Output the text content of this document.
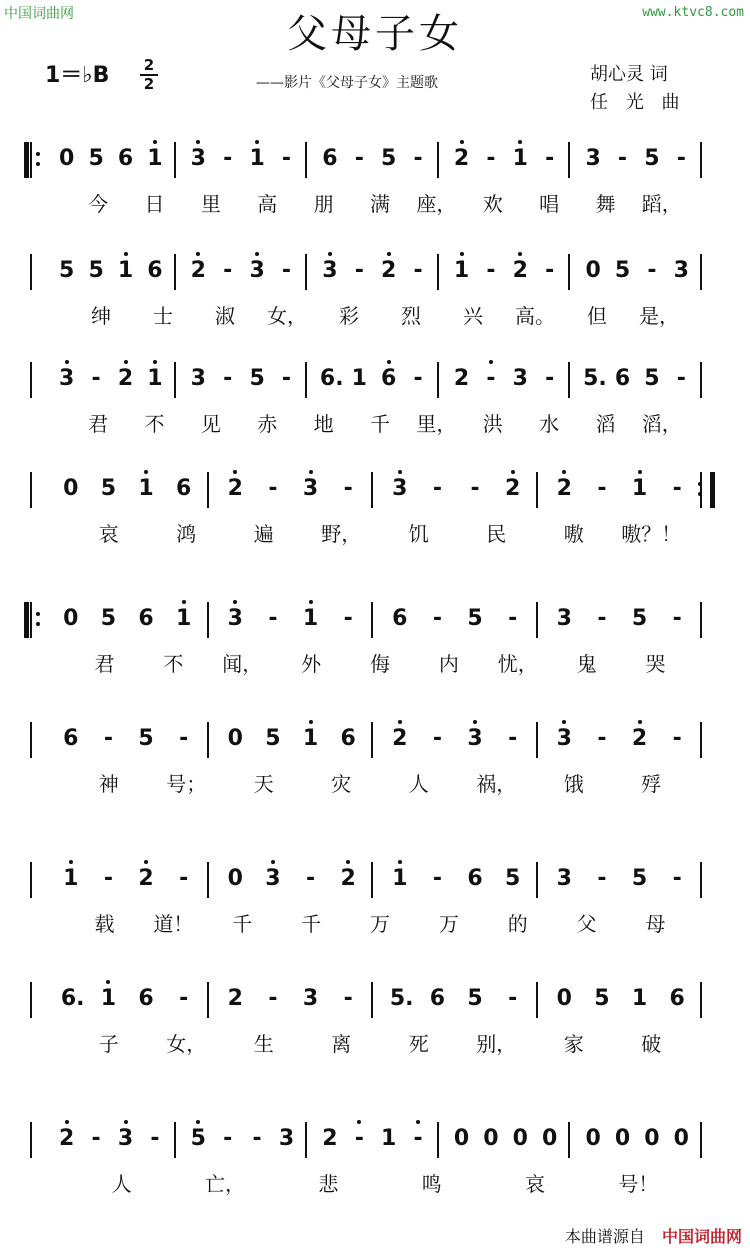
中国词曲网	www.ktvc8.com
父母子女
1＝♭B 2
2	——影片《父母子女》主题歌	胡心灵 词
任 光 曲
0 5 6 1 3 - 1 - 6 - 5 - 2 - 1 - 3 - 5 -
今	日	里	高	朋	满	座，	欢	唱	舞	蹈，
5 5 1 6 2 - 3 - 3 - 2 - 1 - 2 - 0 5 - 3
绅	士	淑	女，	彩	烈	兴	高。	但	是，
3 - 2 1 3 - 5 - 6. 1 6 - 2 - 3 - 5. 6 5 -
君	不	见	赤	地	千	里，	洪	水	滔	滔，
0 5 1 6 2 - 3 - 3 - - 2 2 - 1 -
哀	鸿	遍	野，	饥	民	嗷	嗷？！
0 5 6 1 3 - 1 - 6 - 5 - 3 - 5 -
君	不	闻，	外	侮	内	忧，	鬼	哭
6 - 5 - 0 5 1 6 2 - 3 - 3 - 2 -
神	号；	天	灾	人	祸，	饿	殍
1 - 2 - 0 3 - 2 1 - 6 5 3 - 5 -
载	道！	千	千	万	万	的	父	母
6. 1 6 - 2 - 3 - 5. 6 5 - 0 5 1 6
子	女，	生	离	死	别，	家	破
2 - 3 - 5 - - 3 2 - 1 - 0 0 0 0 0 0 0 0
人	亡，	悲	鸣	哀	号！
本曲谱源自 中国词曲网
